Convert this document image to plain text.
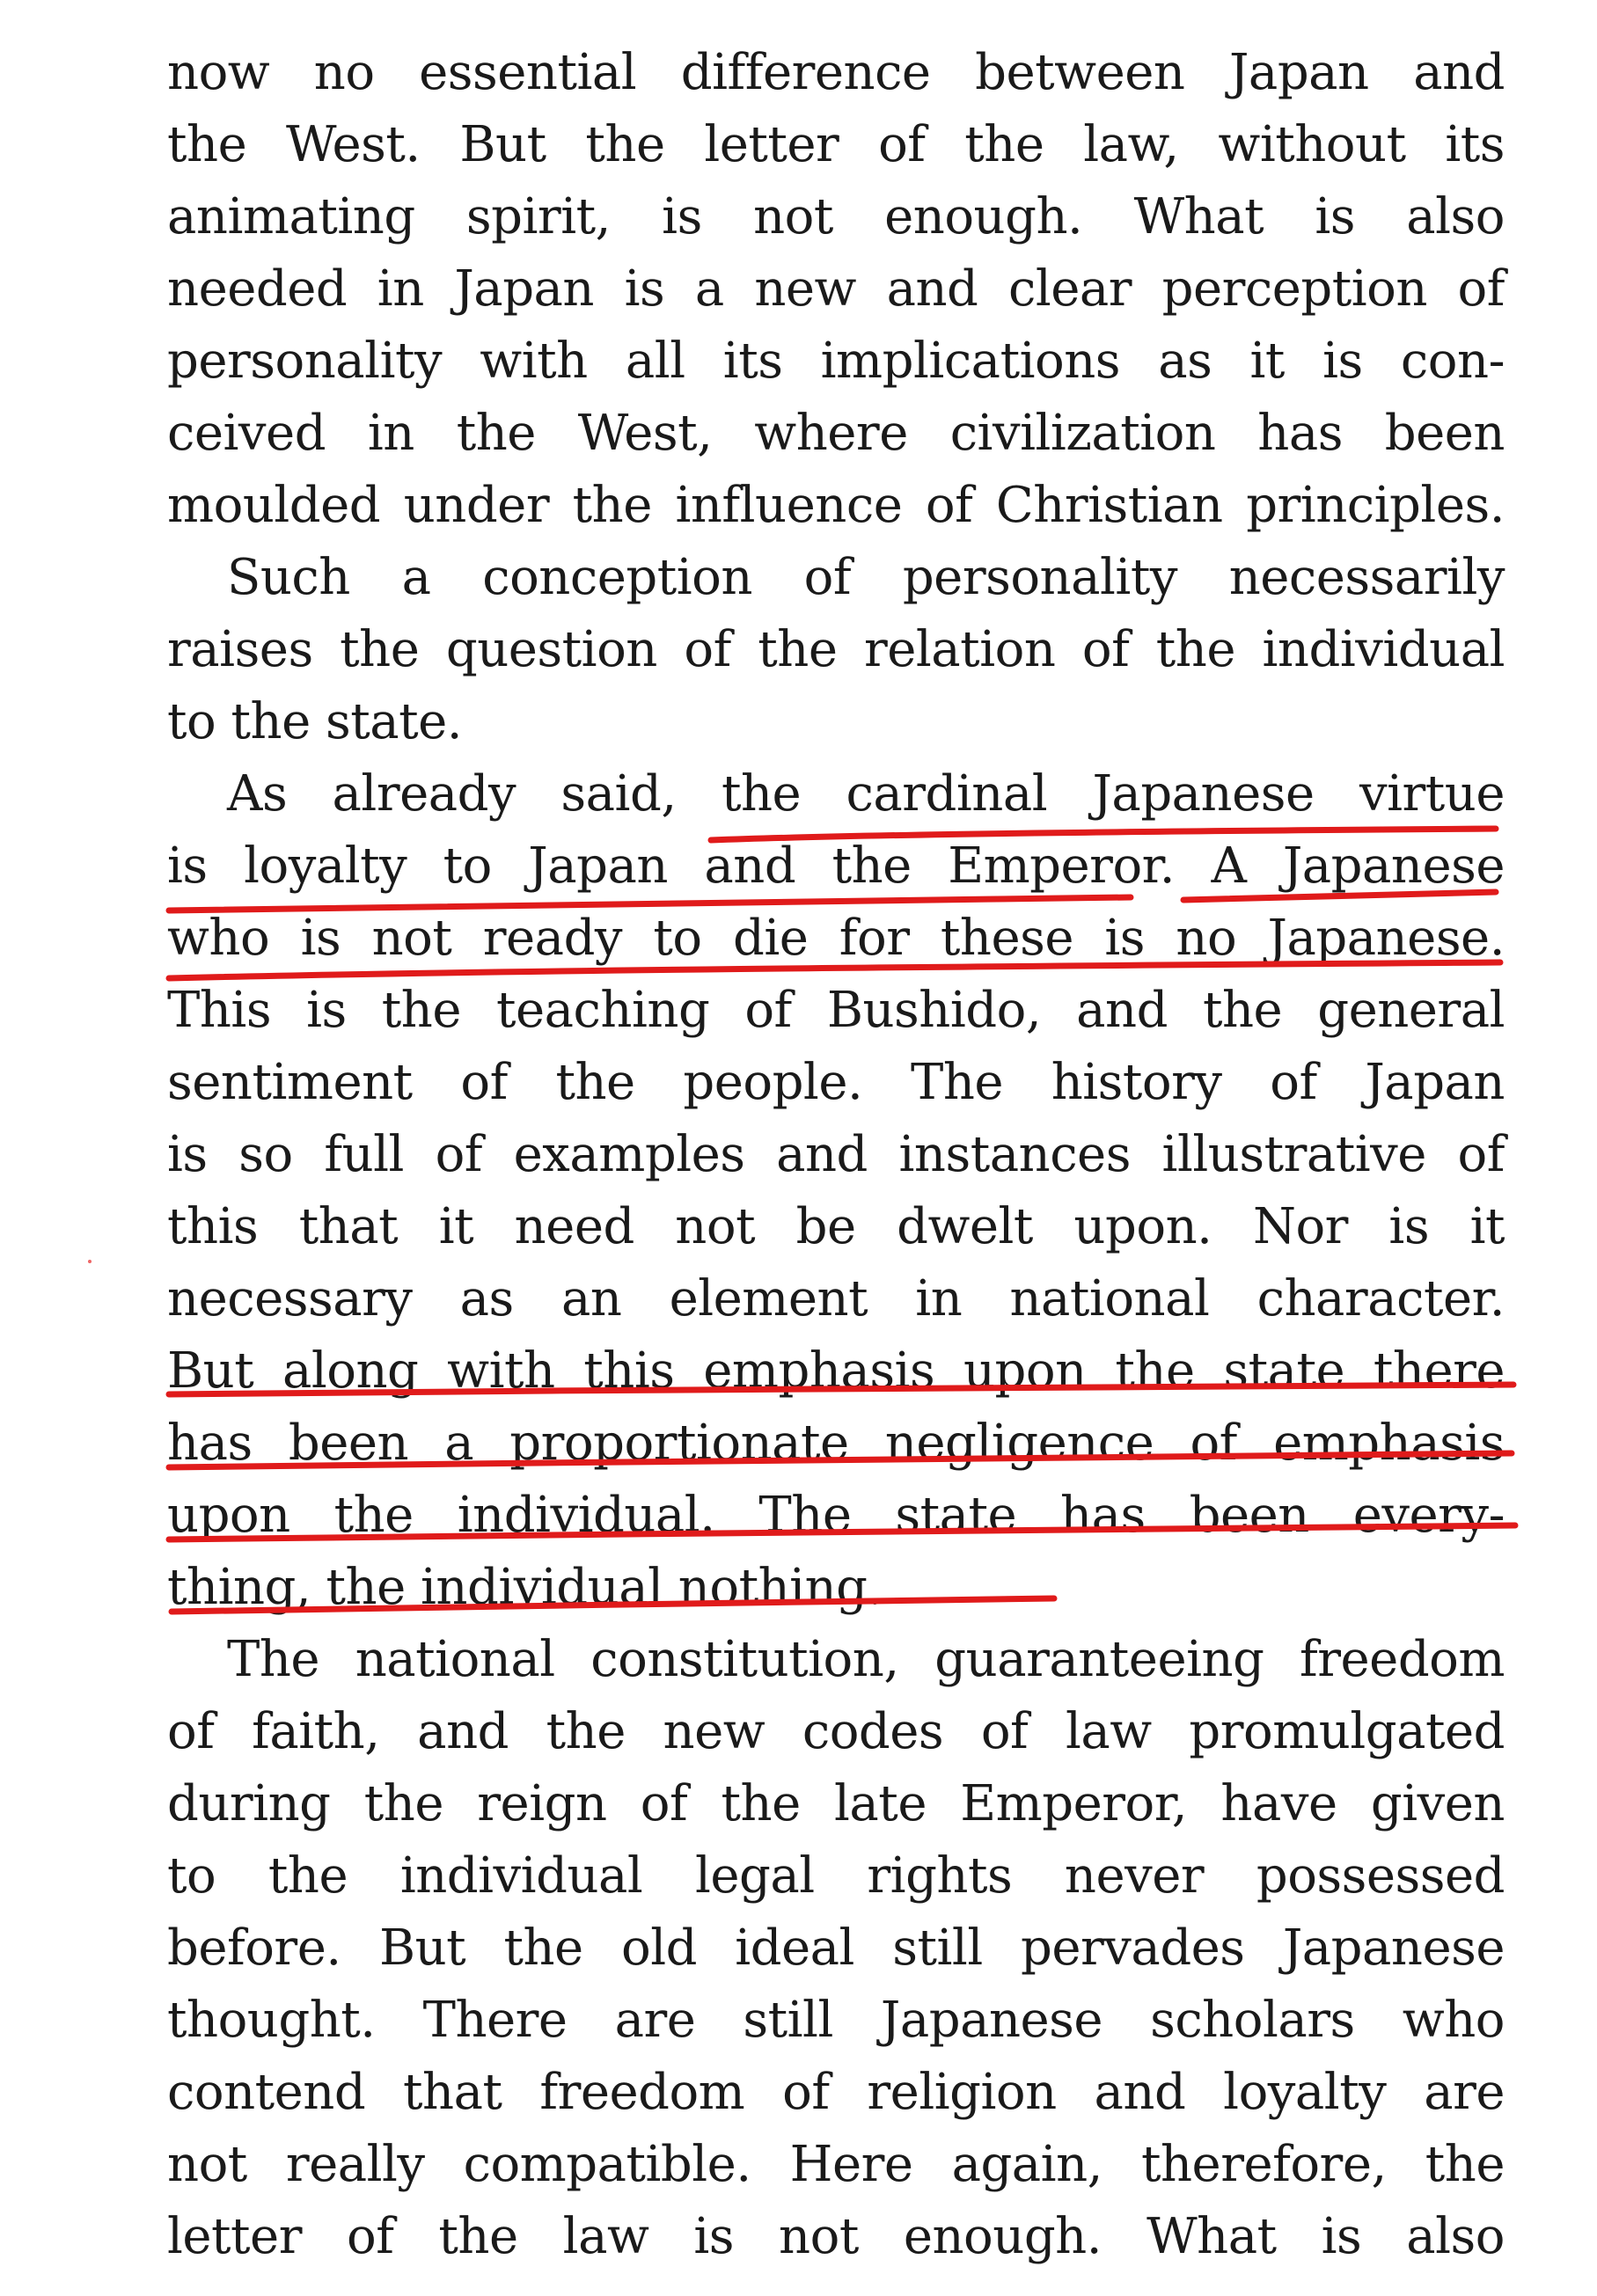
now no essential difference between Japan and
the West. But the letter of the law, without its
animating spirit, is not enough. What is also
needed in Japan is a new and clear perception of
personality with all its implications as it is con-
ceived in the West, where civilization has been
moulded under the influence of Christian principles.
Such a conception of personality necessarily
raises the question of the relation of the individual
to the state.
As already said, the cardinal Japanese virtue
is loyalty to Japan and the Emperor. A Japanese
who is not ready to die for these is no Japanese.
This is the teaching of Bushido, and the general
sentiment of the people. The history of Japan
is so full of examples and instances illustrative of
this that it need not be dwelt upon. Nor is it
necessary as an element in national character.
But along with this emphasis upon the state there
has been a proportionate negligence of emphasis
upon the individual. The state has been every-
thing, the individual nothing.
The national constitution, guaranteeing freedom
of faith, and the new codes of law promulgated
during the reign of the late Emperor, have given
to the individual legal rights never possessed
before. But the old ideal still pervades Japanese
thought. There are still Japanese scholars who
contend that freedom of religion and loyalty are
not really compatible. Here again, therefore, the
letter of the law is not enough. What is also
